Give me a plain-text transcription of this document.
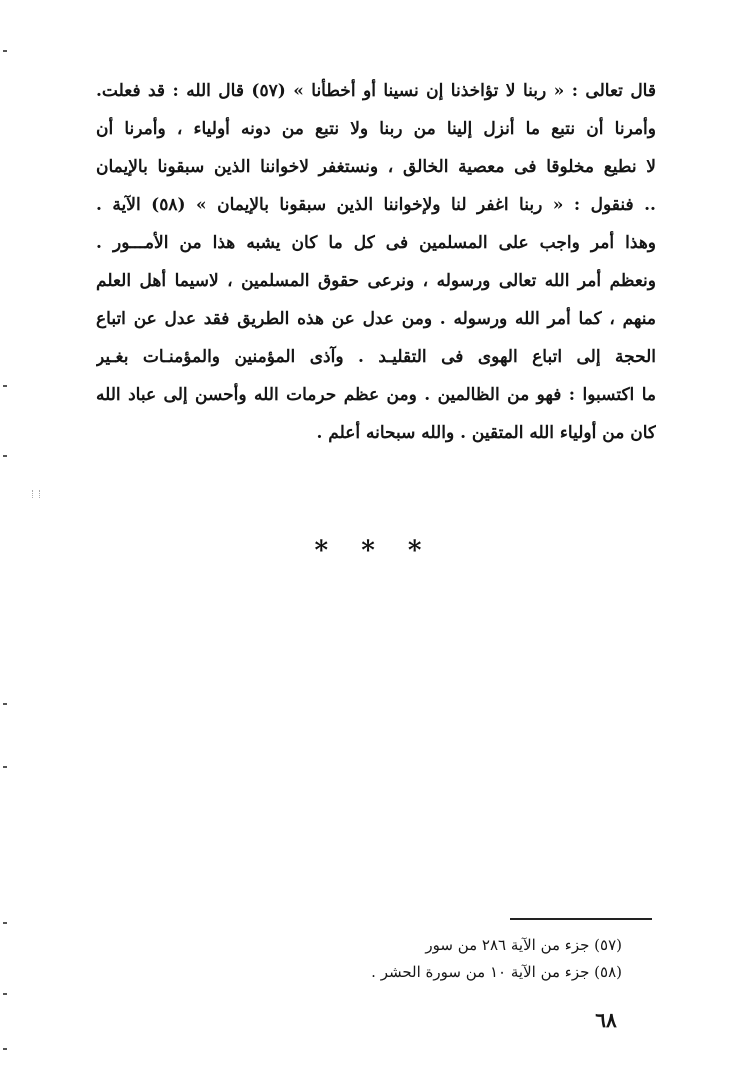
قال تعالى : « ربنا لا تؤاخذنا إن نسينا أو أخطأنا » (٥٧) قال الله : قد فعلت.
وأمرنا أن نتبع ما أنزل إلينا من ربنا ولا نتبع من دونه أولياء ، وأمرنا أن
لا نطيع مخلوقا فى معصية الخالق ، ونستغفر لاخواننا الذين سبقونا بالإيمان
.. فنقول : « ربنا اغفر لنا ولإخواننا الذين سبقونا بالإيمان » (٥٨) الآية .
وهذا أمر واجب على المسلمين فى كل ما كان يشبه هذا من الأمـــور .
ونعظم أمر الله تعالى ورسوله ، ونرعى حقوق المسلمين ، لاسيما أهل العلم
منهم ، كما أمر الله ورسوله . ومن عدل عن هذه الطريق فقد عدل عن اتباع
الحجة إلى اتباع الهوى فى التقليـد . وآذى المؤمنين والمؤمنـات بغـير
ما اكتسبوا : فهو من الظالمين . ومن عظم حرمات الله وأحسن إلى عباد الله
كان من أولياء الله المتقين . والله سبحانه أعلم .
* * *
(٥٧) جزء من الآية ٢٨٦ من سور
(٥٨) جزء من الآية ١٠ من سورة الحشر .
٦٨
